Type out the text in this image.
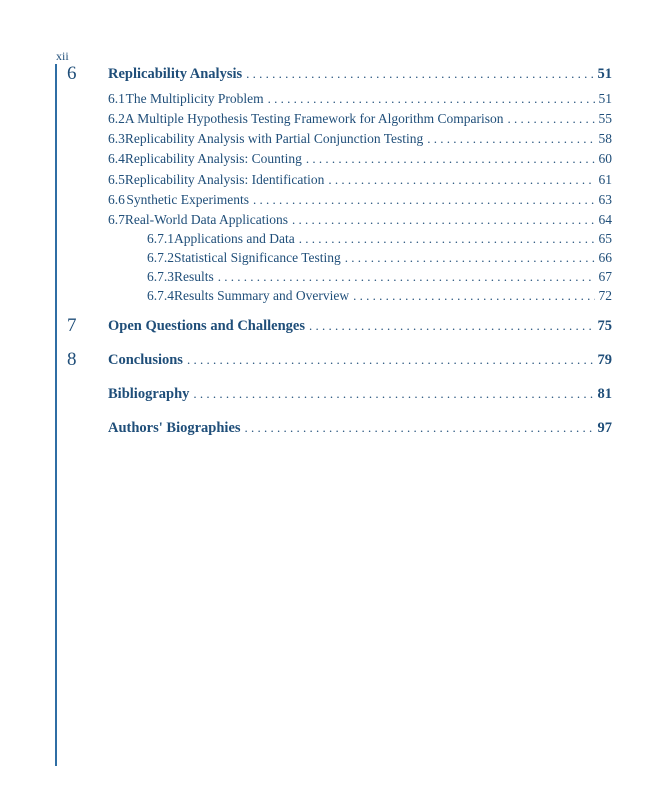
xii
6 Replicability Analysis . . .	51
6.1 The Multiplicity Problem . . .	51
6.2 A Multiple Hypothesis Testing Framework for Algorithm Comparison . . .	55
6.3 Replicability Analysis with Partial Conjunction Testing . . .	58
6.4 Replicability Analysis: Counting . . .	60
6.5 Replicability Analysis: Identification . . .	61
6.6 Synthetic Experiments . . .	63
6.7 Real-World Data Applications . . .	64
6.7.1 Applications and Data . . .	65
6.7.2 Statistical Significance Testing . . .	66
6.7.3 Results . . .	67
6.7.4 Results Summary and Overview . . .	72
7 Open Questions and Challenges . . .	75
8 Conclusions . . .	79
Bibliography . . .	81
Authors' Biographies . . .	97
